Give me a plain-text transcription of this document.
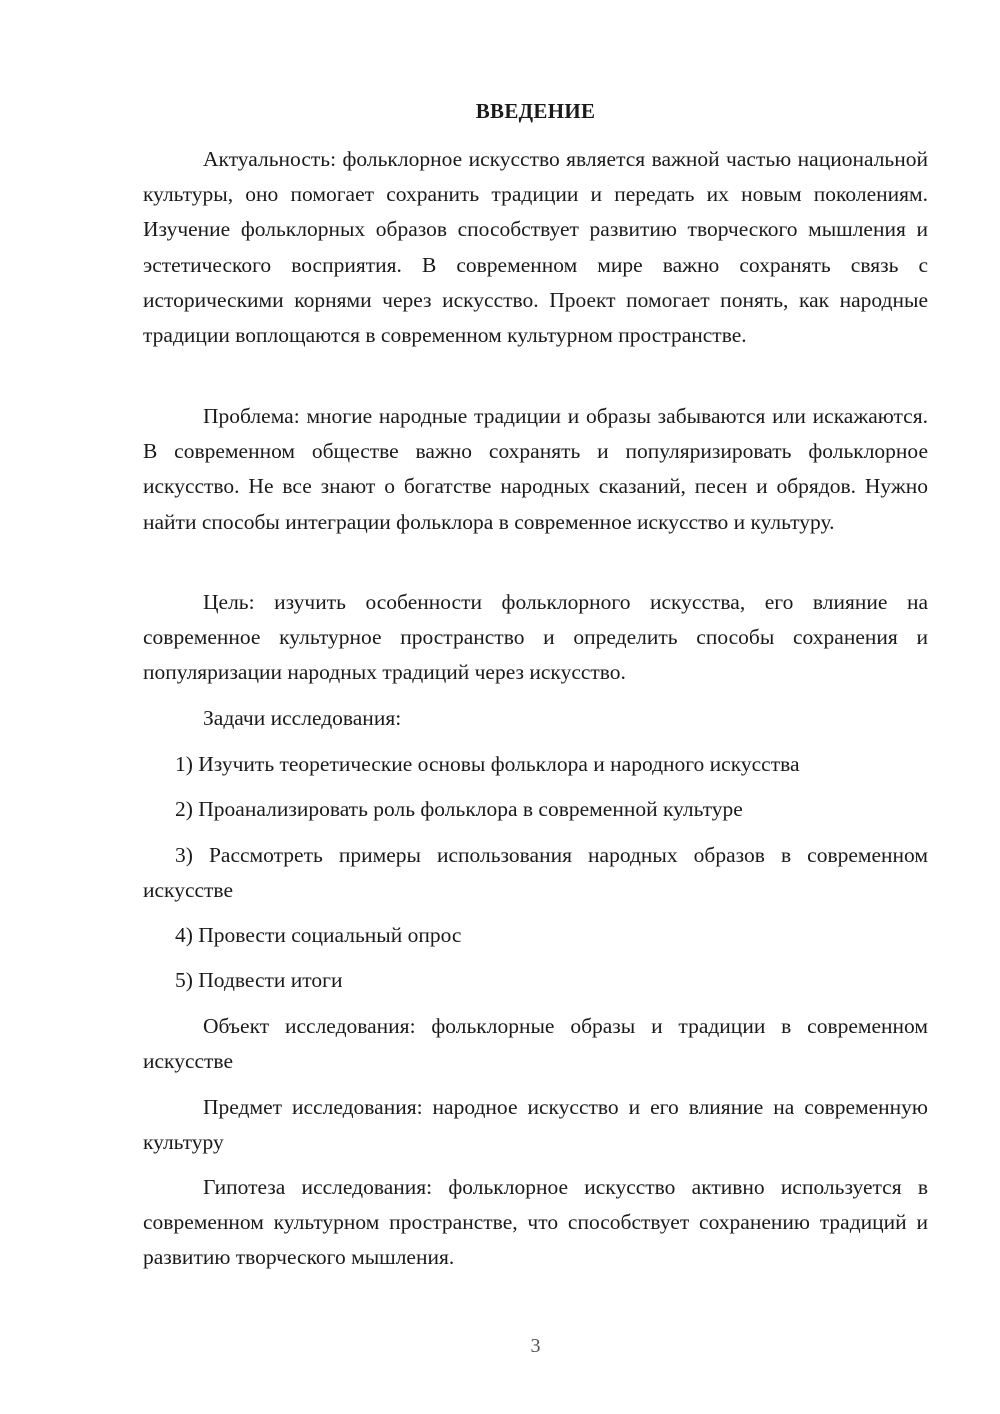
ВВЕДЕНИЕ

Актуальность: фольклорное искусство является важной частью национальной культуры, оно помогает сохранить традиции и передать их новым поколениям. Изучение фольклорных образов способствует развитию творческого мышления и эстетического восприятия. В современном мире важно сохранять связь с историческими корнями через искусство. Проект помогает понять, как народные традиции воплощаются в современном культурном пространстве.

Проблема: многие народные традиции и образы забываются или искажаются. В современном обществе важно сохранять и популяризировать фольклорное искусство. Не все знают о богатстве народных сказаний, песен и обрядов. Нужно найти способы интеграции фольклора в современное искусство и культуру.

Цель: изучить особенности фольклорного искусства, его влияние на современное культурное пространство и определить способы сохранения и популяризации народных традиций через искусство.

Задачи исследования:

1) Изучить теоретические основы фольклора и народного искусства

2) Проанализировать роль фольклора в современной культуре

3) Рассмотреть примеры использования народных образов в современном искусстве

4) Провести социальный опрос

5) Подвести итоги

Объект исследования: фольклорные образы и традиции в современном искусстве

Предмет исследования: народное искусство и его влияние на современную культуру

Гипотеза исследования: фольклорное искусство активно используется в современном культурном пространстве, что способствует сохранению традиций и развитию творческого мышления.

3
